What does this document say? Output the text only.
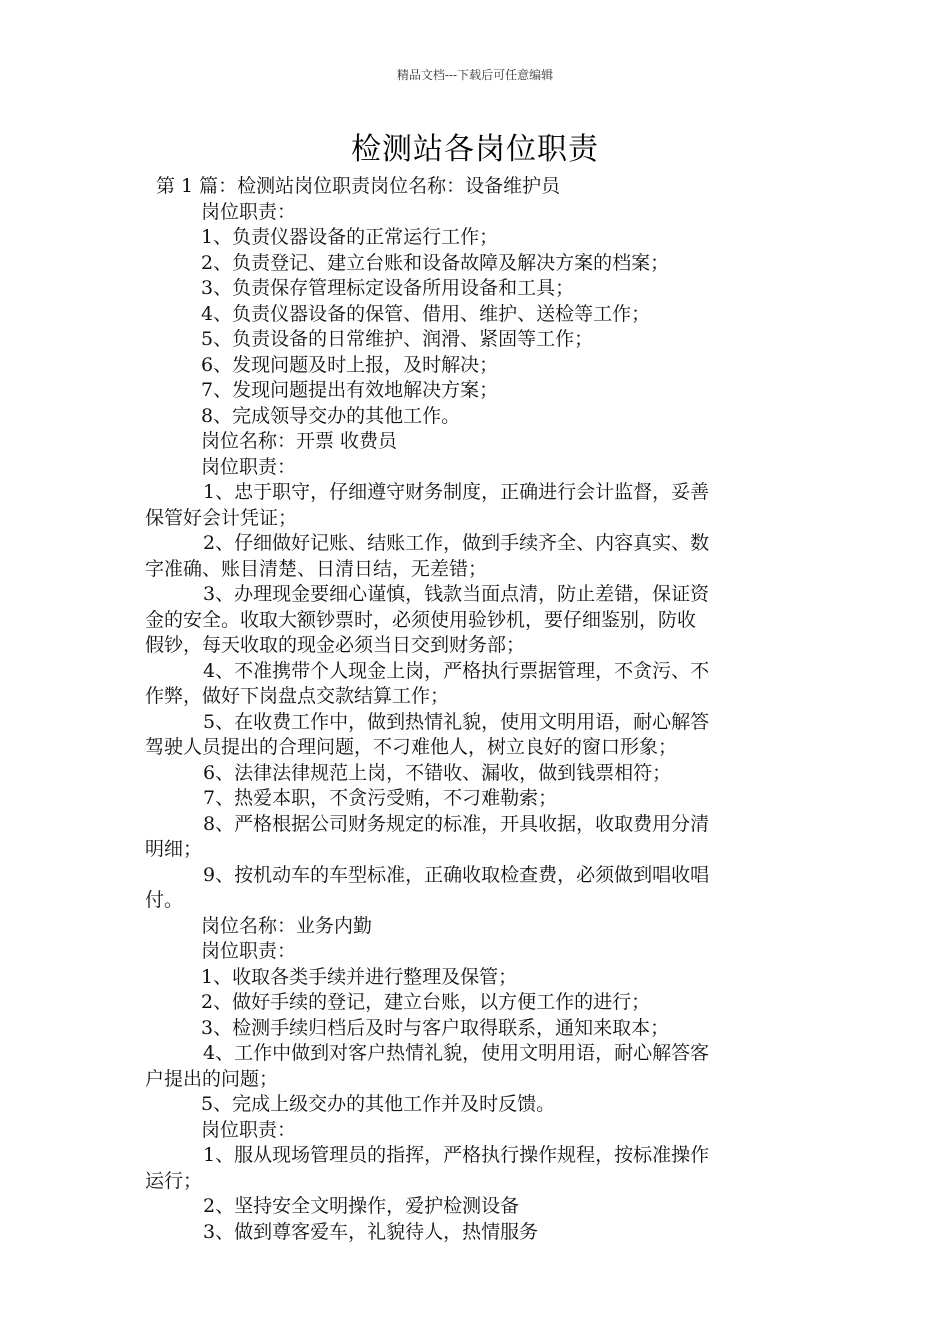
精品文档---下载后可任意编辑
检测站各岗位职责

第 1 篇：检测站岗位职责岗位名称：设备维护员

岗位职责：

1、负责仪器设备的正常运行工作；

2、负责登记、建立台账和设备故障及解决方案的档案；

3、负责保存管理标定设备所用设备和工具；

4、负责仪器设备的保管、借用、维护、送检等工作；

5、负责设备的日常维护、润滑、紧固等工作；

6、发现问题及时上报，及时解决；

7、发现问题提出有效地解决方案；

8、完成领导交办的其他工作。

岗位名称：开票 收费员

岗位职责：

1、忠于职守，仔细遵守财务制度，正确进行会计监督，妥善

保管好会计凭证；

2、仔细做好记账、结账工作，做到手续齐全、内容真实、数

字准确、账目清楚、日清日结，无差错；

3、办理现金要细心谨慎，钱款当面点清，防止差错，保证资

金的安全。收取大额钞票时，必须使用验钞机，要仔细鉴别，防收

假钞，每天收取的现金必须当日交到财务部；

4、不准携带个人现金上岗，严格执行票据管理，不贪污、不

作弊，做好下岗盘点交款结算工作；

5、在收费工作中，做到热情礼貌，使用文明用语，耐心解答

驾驶人员提出的合理问题，不刁难他人，树立良好的窗口形象；

6、法律法律规范上岗，不错收、漏收，做到钱票相符；

7、热爱本职，不贪污受贿，不刁难勒索；

8、严格根据公司财务规定的标准，开具收据，收取费用分清

明细；

9、按机动车的车型标准，正确收取检查费，必须做到唱收唱

付。

岗位名称：业务内勤

岗位职责：

1、收取各类手续并进行整理及保管；

2、做好手续的登记，建立台账，以方便工作的进行；

3、检测手续归档后及时与客户取得联系，通知来取本；

4、工作中做到对客户热情礼貌，使用文明用语，耐心解答客

户提出的问题；

5、完成上级交办的其他工作并及时反馈。

岗位职责：

1、服从现场管理员的指挥，严格执行操作规程，按标准操作

运行；

2、坚持安全文明操作，爱护检测设备

3、做到尊客爱车，礼貌待人，热情服务
